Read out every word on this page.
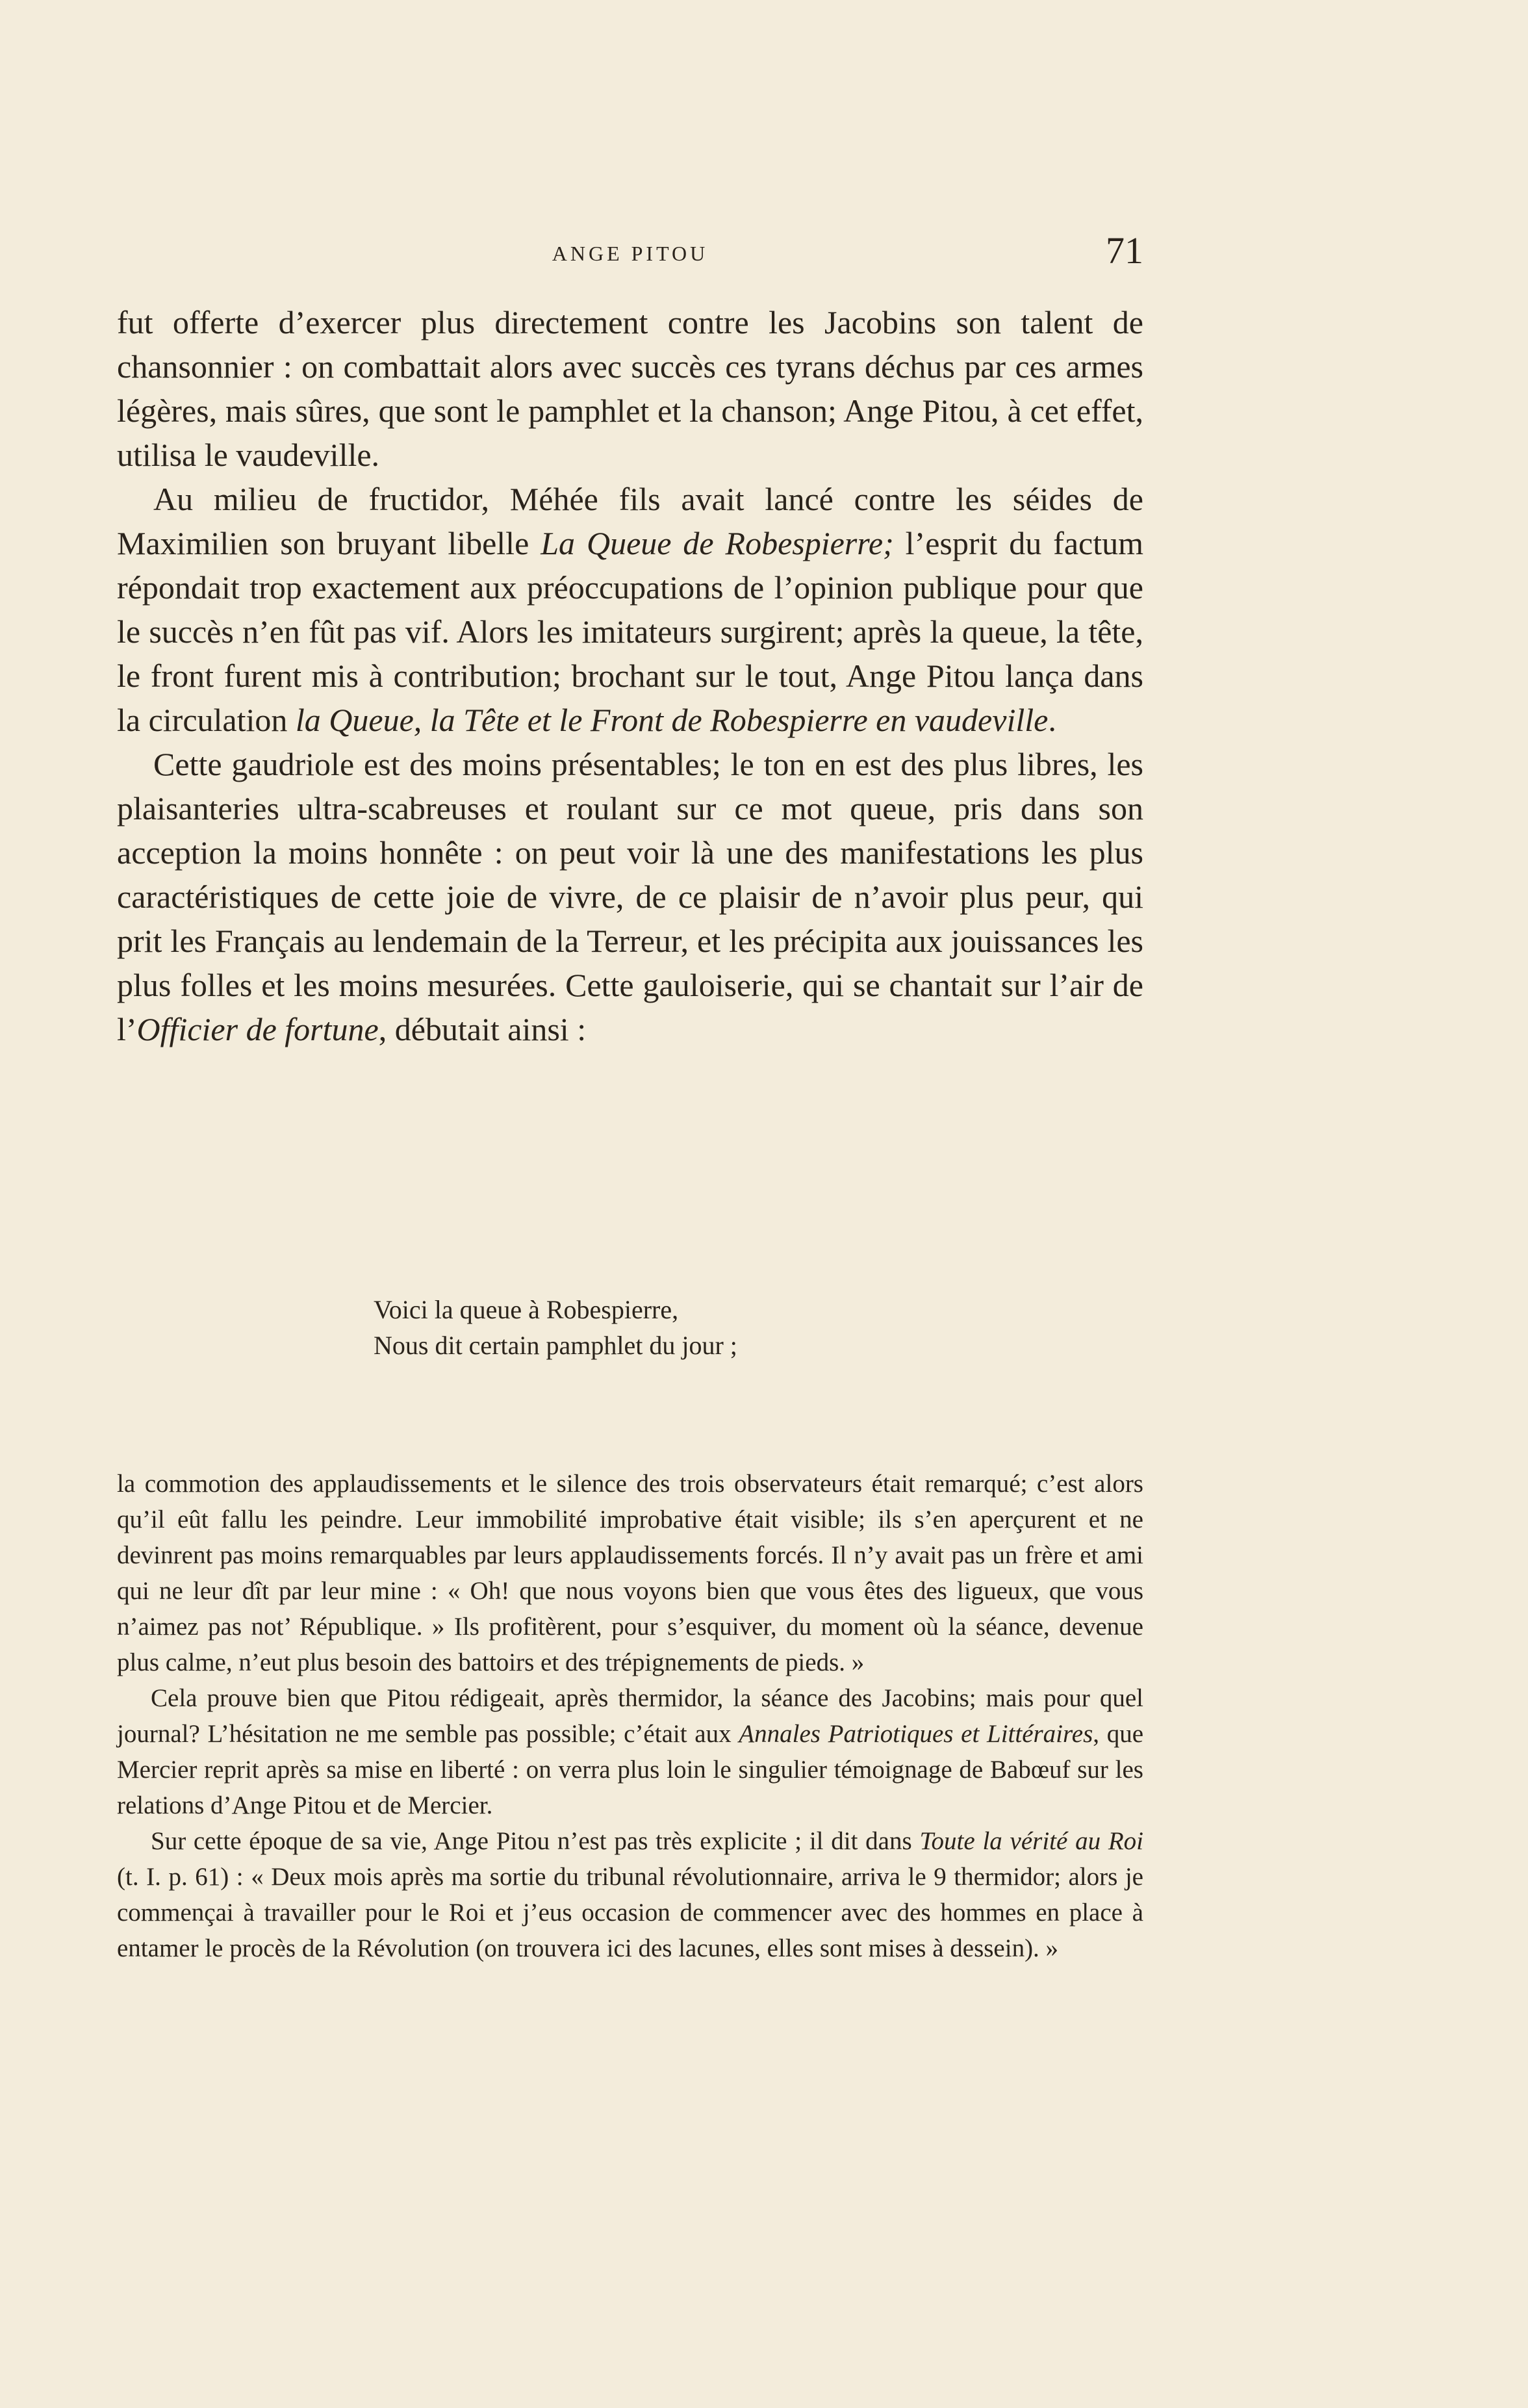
ANGE PITOU	71

fut offerte d’exercer plus directement contre les Jacobins son talent de chansonnier : on combattait alors avec succès ces tyrans déchus par ces armes légères, mais sûres, que sont le pamphlet et la chanson; Ange Pitou, à cet effet, utilisa le vaudeville.

Au milieu de fructidor, Méhée fils avait lancé contre les séides de Maximilien son bruyant libelle La Queue de Robespierre; l’esprit du factum répondait trop exactement aux préoccupations de l’opinion publique pour que le succès n’en fût pas vif. Alors les imitateurs surgirent; après la queue, la tête, le front furent mis à contribution; brochant sur le tout, Ange Pitou lança dans la circulation la Queue, la Tête et le Front de Robespierre en vaudeville.

Cette gaudriole est des moins présentables; le ton en est des plus libres, les plaisanteries ultra-scabreuses et roulant sur ce mot queue, pris dans son acception la moins honnête : on peut voir là une des manifestations les plus caractéristiques de cette joie de vivre, de ce plaisir de n’avoir plus peur, qui prit les Français au lendemain de la Terreur, et les précipita aux jouissances les plus folles et les moins mesurées. Cette gauloiserie, qui se chantait sur l’air de l’Officier de fortune, débutait ainsi :

Voici la queue à Robespierre,
Nous dit certain pamphlet du jour ;

la commotion des applaudissements et le silence des trois observateurs était remarqué; c’est alors qu’il eût fallu les peindre. Leur immobilité improbative était visible; ils s’en aperçurent et ne devinrent pas moins remarquables par leurs applaudissements forcés. Il n’y avait pas un frère et ami qui ne leur dît par leur mine : « Oh! que nous voyons bien que vous êtes des ligueux, que vous n’aimez pas not’ République. » Ils profitèrent, pour s’esquiver, du moment où la séance, devenue plus calme, n’eut plus besoin des battoirs et des trépignements de pieds. »

Cela prouve bien que Pitou rédigeait, après thermidor, la séance des Jacobins; mais pour quel journal? L’hésitation ne me semble pas possible; c’était aux Annales Patriotiques et Littéraires, que Mercier reprit après sa mise en liberté : on verra plus loin le singulier témoignage de Babœuf sur les relations d’Ange Pitou et de Mercier.

Sur cette époque de sa vie, Ange Pitou n’est pas très explicite ; il dit dans Toute la vérité au Roi (t. I. p. 61) : « Deux mois après ma sortie du tribunal révolutionnaire, arriva le 9 thermidor; alors je commençai à travailler pour le Roi et j’eus occasion de commencer avec des hommes en place à entamer le procès de la Révolution (on trouvera ici des lacunes, elles sont mises à dessein). »
